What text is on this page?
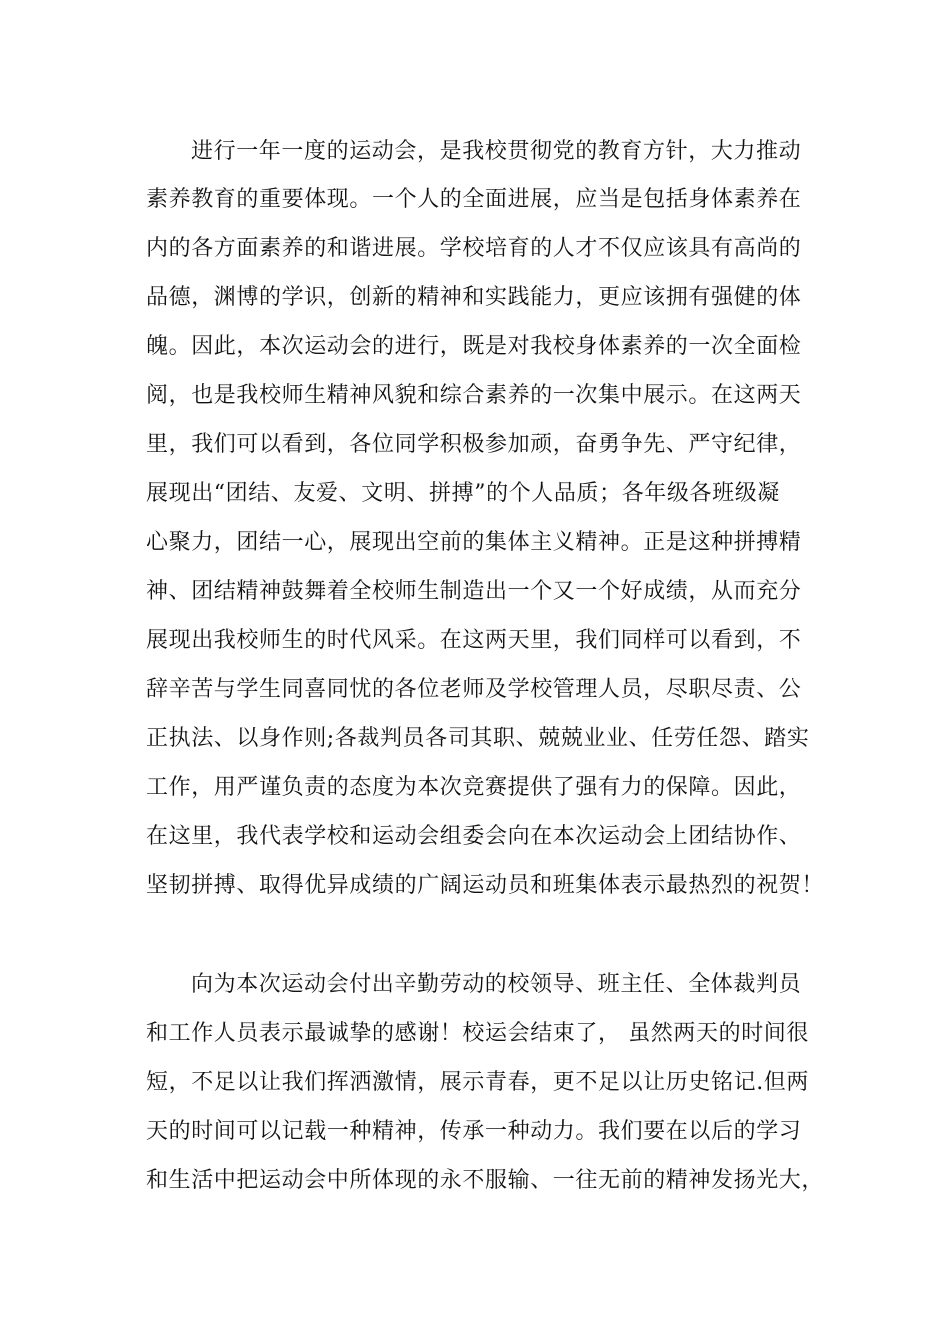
进行一年一度的运动会，是我校贯彻党的教育方针，大力推动
素养教育的重要体现。一个人的全面进展，应当是包括身体素养在
内的各方面素养的和谐进展。学校培育的人才不仅应该具有高尚的
品德，渊博的学识，创新的精神和实践能力，更应该拥有强健的体
魄。因此，本次运动会的进行，既是对我校身体素养的一次全面检
阅，也是我校师生精神风貌和综合素养的一次集中展示。在这两天
里，我们可以看到，各位同学积极参加顽，奋勇争先、严守纪律，
展现出“团结、友爱、文明、拼搏”的个人品质；各年级各班级凝
心聚力，团结一心，展现出空前的集体主义精神。正是这种拼搏精
神、团结精神鼓舞着全校师生制造出一个又一个好成绩，从而充分
展现出我校师生的时代风采。在这两天里，我们同样可以看到，不
辞辛苦与学生同喜同忧的各位老师及学校管理人员，尽职尽责、公
正执法、以身作则;各裁判员各司其职、兢兢业业、任劳任怨、踏实
工作，用严谨负责的态度为本次竞赛提供了强有力的保障。因此，
在这里，我代表学校和运动会组委会向在本次运动会上团结协作、
坚韧拼搏、取得优异成绩的广阔运动员和班集体表示最热烈的祝贺！
向为本次运动会付出辛勤劳动的校领导、班主任、全体裁判员
和工作人员表示最诚挚的感谢！校运会结束了， 虽然两天的时间很
短，不足以让我们挥洒激情，展示青春，更不足以让历史铭记.但两
天的时间可以记载一种精神，传承一种动力。我们要在以后的学习
和生活中把运动会中所体现的永不服输、一往无前的精神发扬光大，
